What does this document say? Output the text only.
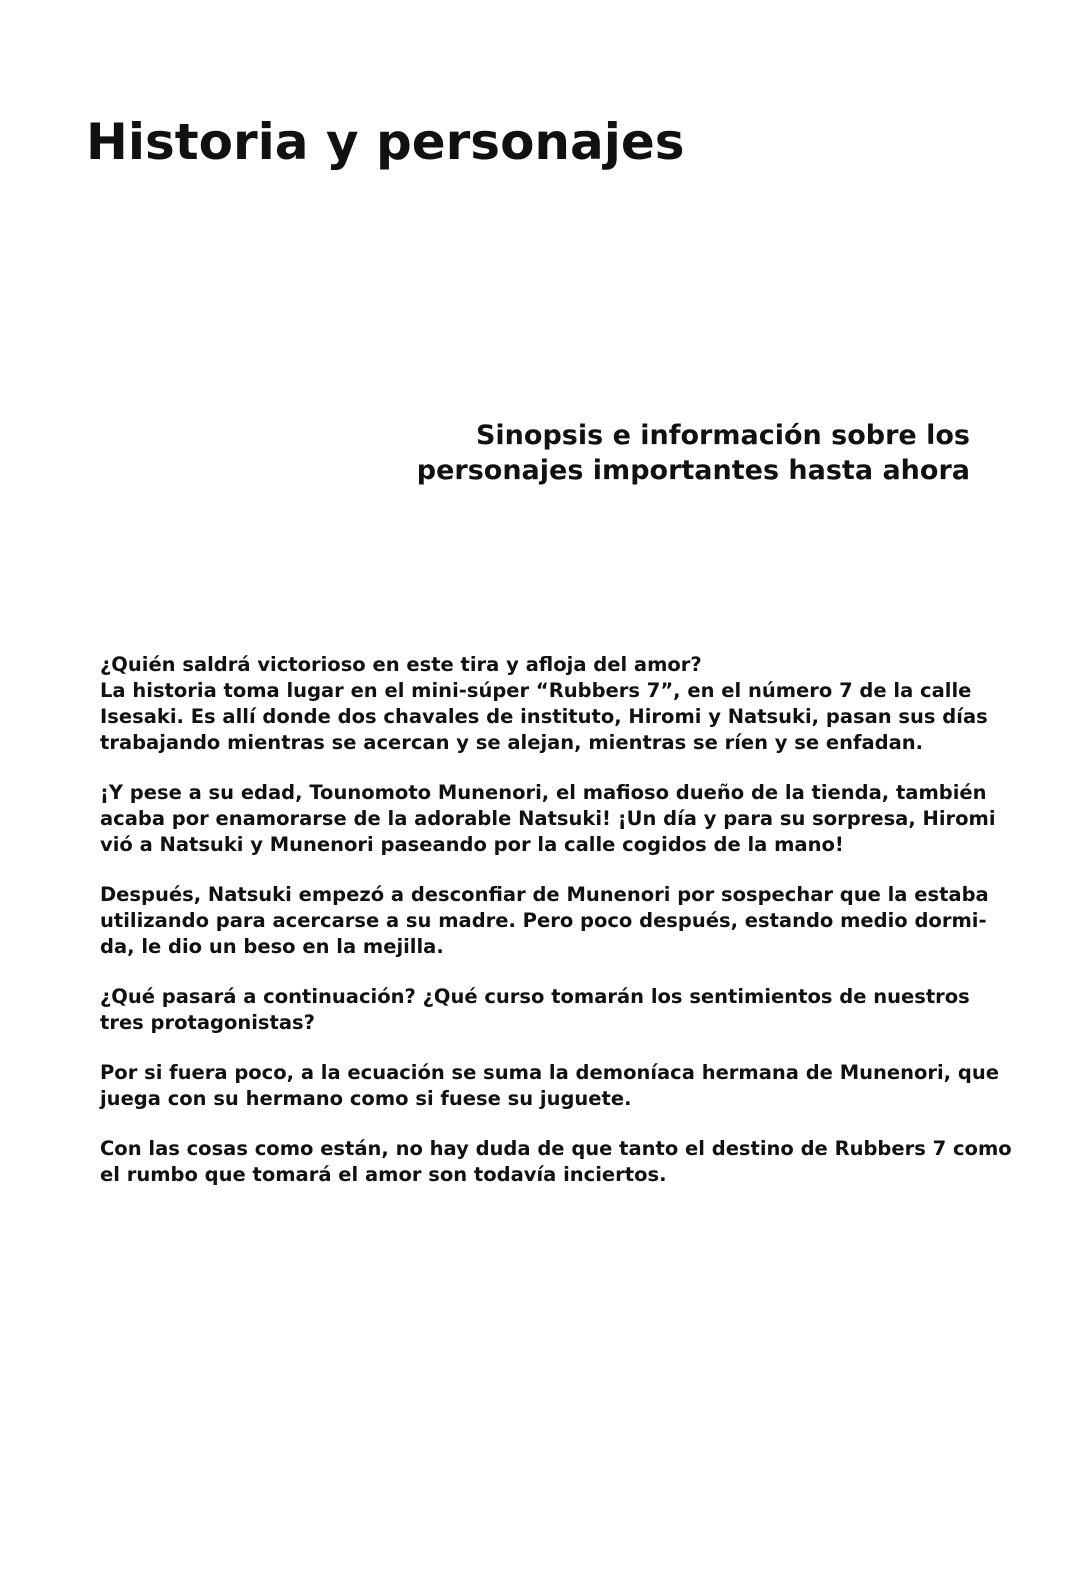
Historia y personajes
Sinopsis e información sobre los
personajes importantes hasta ahora

¿Quién saldrá victorioso en este tira y afloja del amor?
La historia toma lugar en el mini-súper “Rubbers 7”, en el número 7 de la calle
Isesaki. Es allí donde dos chavales de instituto, Hiromi y Natsuki, pasan sus días
trabajando mientras se acercan y se alejan, mientras se ríen y se enfadan.

¡Y pese a su edad, Tounomoto Munenori, el mafioso dueño de la tienda, también
acaba por enamorarse de la adorable Natsuki! ¡Un día y para su sorpresa, Hiromi
vió a Natsuki y Munenori paseando por la calle cogidos de la mano!

Después, Natsuki empezó a desconfiar de Munenori por sospechar que la estaba
utilizando para acercarse a su madre. Pero poco después, estando medio dormi-
da, le dio un beso en la mejilla.

¿Qué pasará a continuación? ¿Qué curso tomarán los sentimientos de nuestros
tres protagonistas?

Por si fuera poco, a la ecuación se suma la demoníaca hermana de Munenori, que
juega con su hermano como si fuese su juguete.

Con las cosas como están, no hay duda de que tanto el destino de Rubbers 7 como
el rumbo que tomará el amor son todavía inciertos.
